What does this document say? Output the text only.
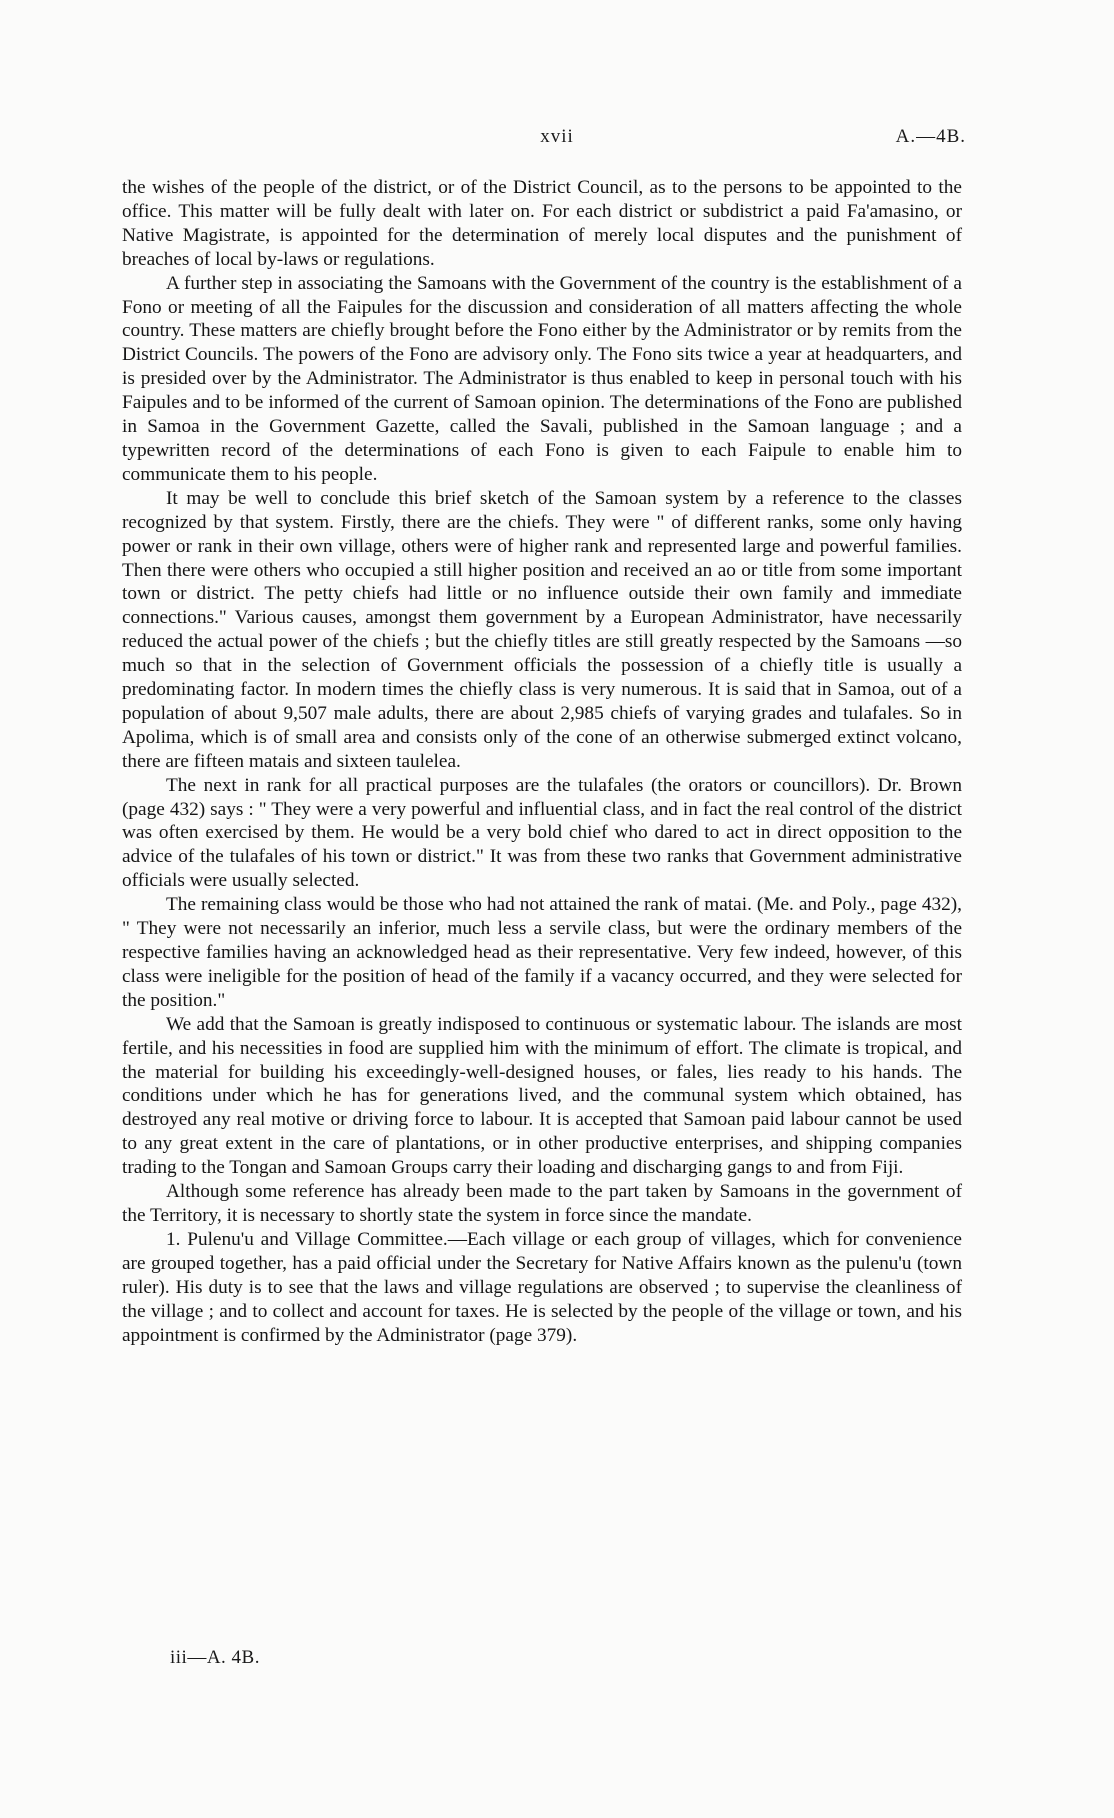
xvii	A.—4B.

the wishes of the people of the district, or of the District Council, as to the persons to be appointed to the office. This matter will be fully dealt with later on. For each district or subdistrict a paid Fa'amasino, or Native Magistrate, is appointed for the determination of merely local disputes and the punishment of breaches of local by-laws or regulations.

A further step in associating the Samoans with the Government of the country is the establishment of a Fono or meeting of all the Faipules for the discussion and consideration of all matters affecting the whole country. These matters are chiefly brought before the Fono either by the Administrator or by remits from the District Councils. The powers of the Fono are advisory only. The Fono sits twice a year at headquarters, and is presided over by the Administrator. The Administrator is thus enabled to keep in personal touch with his Faipules and to be informed of the current of Samoan opinion. The determinations of the Fono are published in Samoa in the Government Gazette, called the Savali, published in the Samoan language ; and a typewritten record of the determinations of each Fono is given to each Faipule to enable him to communicate them to his people.

It may be well to conclude this brief sketch of the Samoan system by a reference to the classes recognized by that system. Firstly, there are the chiefs. They were " of different ranks, some only having power or rank in their own village, others were of higher rank and represented large and powerful families. Then there were others who occupied a still higher position and received an ao or title from some important town or district. The petty chiefs had little or no influence outside their own family and immediate connections." Various causes, amongst them government by a European Administrator, have necessarily reduced the actual power of the chiefs ; but the chiefly titles are still greatly respected by the Samoans —so much so that in the selection of Government officials the possession of a chiefly title is usually a predominating factor. In modern times the chiefly class is very numerous. It is said that in Samoa, out of a population of about 9,507 male adults, there are about 2,985 chiefs of varying grades and tulafales. So in Apolima, which is of small area and consists only of the cone of an otherwise submerged extinct volcano, there are fifteen matais and sixteen taulelea.

The next in rank for all practical purposes are the tulafales (the orators or councillors). Dr. Brown (page 432) says : " They were a very powerful and influential class, and in fact the real control of the district was often exercised by them. He would be a very bold chief who dared to act in direct opposition to the advice of the tulafales of his town or district." It was from these two ranks that Government administrative officials were usually selected.

The remaining class would be those who had not attained the rank of matai. (Me. and Poly., page 432), " They were not necessarily an inferior, much less a servile class, but were the ordinary members of the respective families having an acknowledged head as their representative. Very few indeed, however, of this class were ineligible for the position of head of the family if a vacancy occurred, and they were selected for the position."

We add that the Samoan is greatly indisposed to continuous or systematic labour. The islands are most fertile, and his necessities in food are supplied him with the minimum of effort. The climate is tropical, and the material for building his exceedingly-well-designed houses, or fales, lies ready to his hands. The conditions under which he has for generations lived, and the communal system which obtained, has destroyed any real motive or driving force to labour. It is accepted that Samoan paid labour cannot be used to any great extent in the care of plantations, or in other productive enterprises, and shipping companies trading to the Tongan and Samoan Groups carry their loading and discharging gangs to and from Fiji.

Although some reference has already been made to the part taken by Samoans in the government of the Territory, it is necessary to shortly state the system in force since the mandate.

1. Pulenu'u and Village Committee.—Each village or each group of villages, which for convenience are grouped together, has a paid official under the Secretary for Native Affairs known as the pulenu'u (town ruler). His duty is to see that the laws and village regulations are observed ; to supervise the cleanliness of the village ; and to collect and account for taxes. He is selected by the people of the village or town, and his appointment is confirmed by the Administrator (page 379).

iii—A. 4B.
